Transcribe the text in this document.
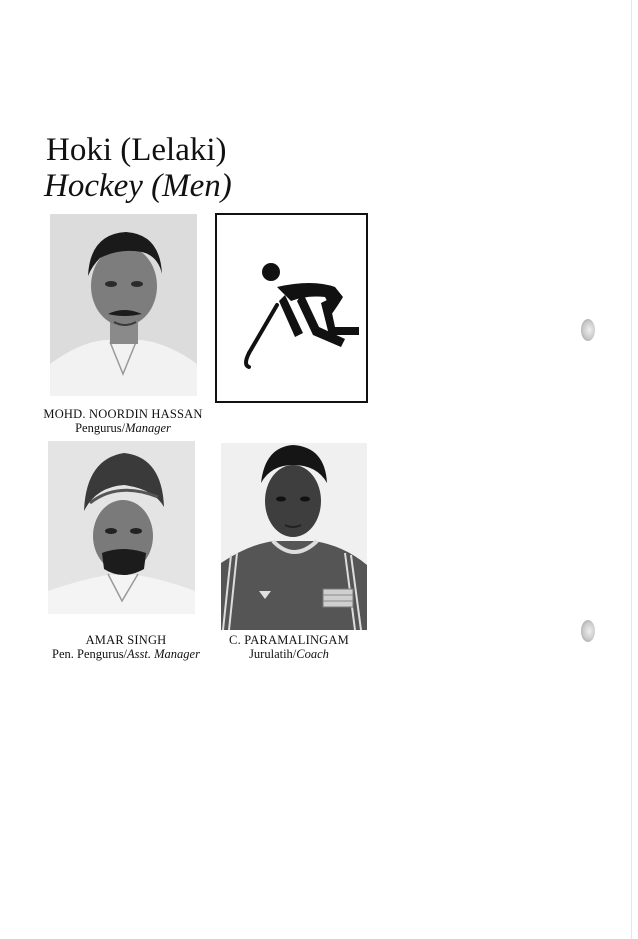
Hoki (Lelaki)
Hockey (Men)
MOHD. NOORDIN HASSAN
Pengurus/Manager
AMAR SINGH
Pen. Pengurus/Asst. Manager
C. PARAMALINGAM
Jurulatih/Coach
